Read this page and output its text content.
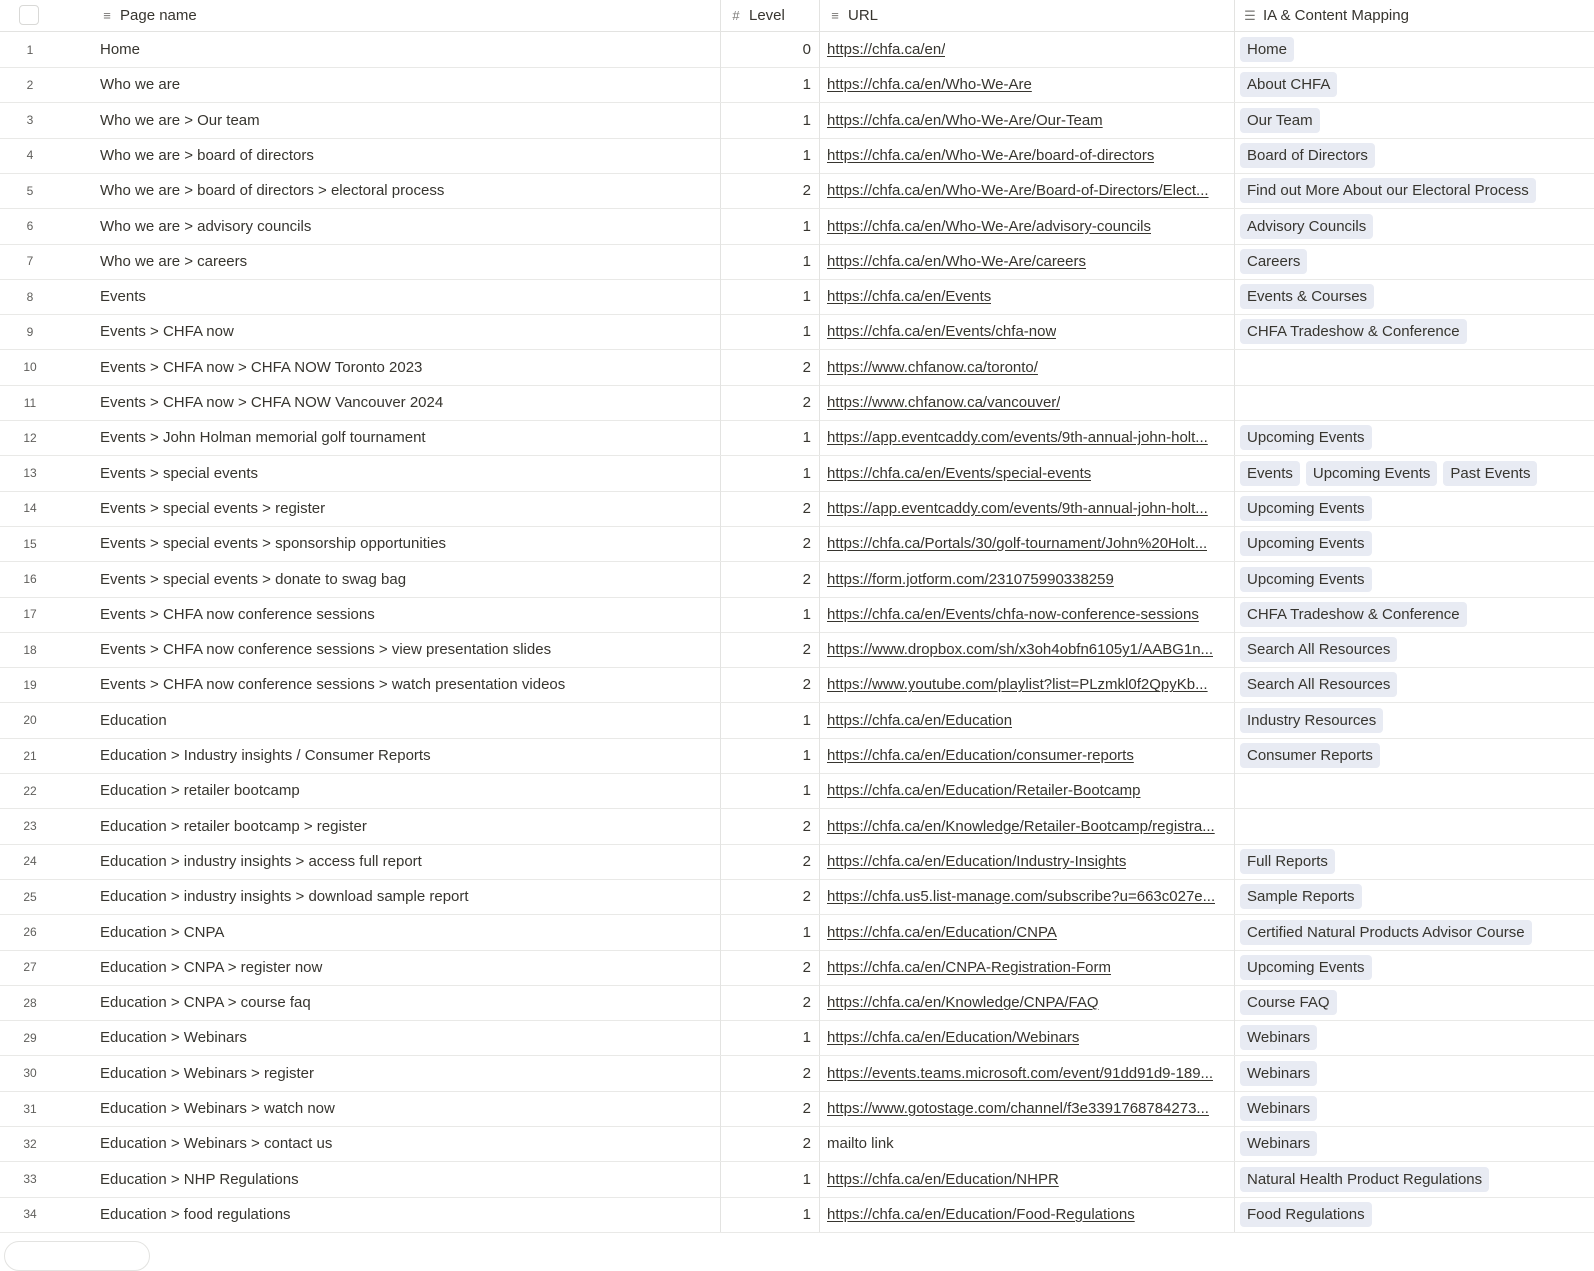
≡ Page name	# Level	≡ URL	☰ IA & Content Mapping
1	Home	0	https://chfa.ca/en/	Home
2	Who we are	1	https://chfa.ca/en/Who-We-Are	About CHFA
3	Who we are > Our team	1	https://chfa.ca/en/Who-We-Are/Our-Team	Our Team
4	Who we are > board of directors	1	https://chfa.ca/en/Who-We-Are/board-of-directors	Board of Directors
5	Who we are > board of directors > electoral process	2	https://chfa.ca/en/Who-We-Are/Board-of-Directors/Elect...	Find out More About our Electoral Process
6	Who we are > advisory councils	1	https://chfa.ca/en/Who-We-Are/advisory-councils	Advisory Councils
7	Who we are > careers	1	https://chfa.ca/en/Who-We-Are/careers	Careers
8	Events	1	https://chfa.ca/en/Events	Events & Courses
9	Events > CHFA now	1	https://chfa.ca/en/Events/chfa-now	CHFA Tradeshow & Conference
10	Events > CHFA now > CHFA NOW Toronto 2023	2	https://www.chfanow.ca/toronto/
11	Events > CHFA now > CHFA NOW Vancouver 2024	2	https://www.chfanow.ca/vancouver/
12	Events > John Holman memorial golf tournament	1	https://app.eventcaddy.com/events/9th-annual-john-holt...	Upcoming Events
13	Events > special events	1	https://chfa.ca/en/Events/special-events	Events	Upcoming Events	Past Events
14	Events > special events > register	2	https://app.eventcaddy.com/events/9th-annual-john-holt...	Upcoming Events
15	Events > special events > sponsorship opportunities	2	https://chfa.ca/Portals/30/golf-tournament/John%20Holt...	Upcoming Events
16	Events > special events > donate to swag bag	2	https://form.jotform.com/231075990338259	Upcoming Events
17	Events > CHFA now conference sessions	1	https://chfa.ca/en/Events/chfa-now-conference-sessions	CHFA Tradeshow & Conference
18	Events > CHFA now conference sessions > view presentation slides	2	https://www.dropbox.com/sh/x3oh4obfn6105y1/AABG1n...	Search All Resources
19	Events > CHFA now conference sessions > watch presentation videos	2	https://www.youtube.com/playlist?list=PLzmkl0f2QpyKb...	Search All Resources
20	Education	1	https://chfa.ca/en/Education	Industry Resources
21	Education > Industry insights / Consumer Reports	1	https://chfa.ca/en/Education/consumer-reports	Consumer Reports
22	Education > retailer bootcamp	1	https://chfa.ca/en/Education/Retailer-Bootcamp
23	Education > retailer bootcamp > register	2	https://chfa.ca/en/Knowledge/Retailer-Bootcamp/registra...
24	Education > industry insights > access full report	2	https://chfa.ca/en/Education/Industry-Insights	Full Reports
25	Education > industry insights > download sample report	2	https://chfa.us5.list-manage.com/subscribe?u=663c027e...	Sample Reports
26	Education > CNPA	1	https://chfa.ca/en/Education/CNPA	Certified Natural Products Advisor Course
27	Education > CNPA > register now	2	https://chfa.ca/en/CNPA-Registration-Form	Upcoming Events
28	Education > CNPA > course faq	2	https://chfa.ca/en/Knowledge/CNPA/FAQ	Course FAQ
29	Education > Webinars	1	https://chfa.ca/en/Education/Webinars	Webinars
30	Education > Webinars > register	2	https://events.teams.microsoft.com/event/91dd91d9-189...	Webinars
31	Education > Webinars > watch now	2	https://www.gotostage.com/channel/f3e3391768784273...	Webinars
32	Education > Webinars > contact us	2	mailto link	Webinars
33	Education > NHP Regulations	1	https://chfa.ca/en/Education/NHPR	Natural Health Product Regulations
34	Education > food regulations	1	https://chfa.ca/en/Education/Food-Regulations	Food Regulations
